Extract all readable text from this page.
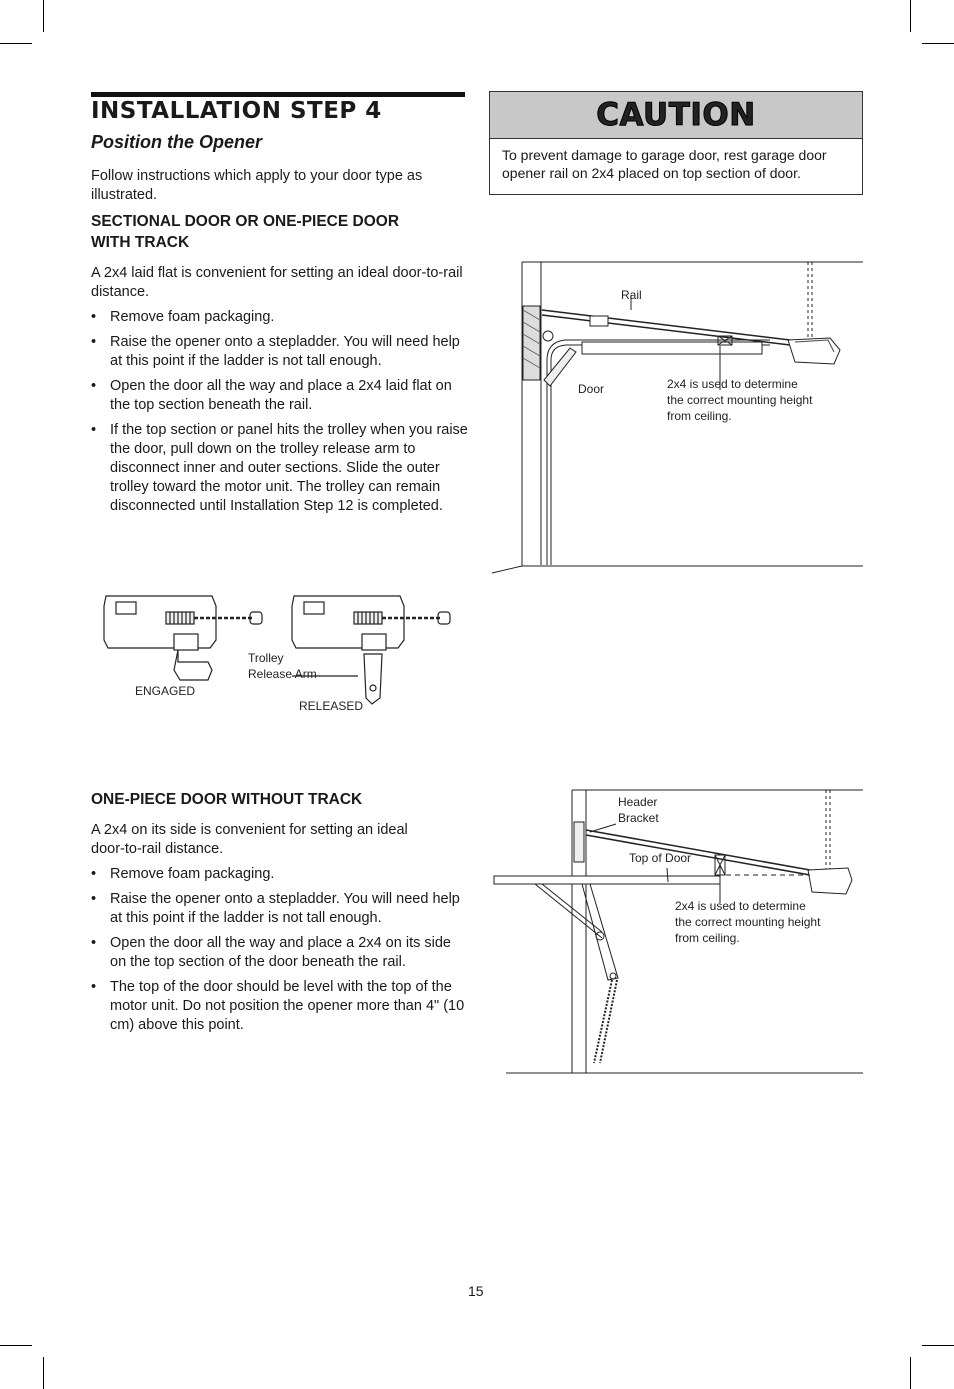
INSTALLATION STEP 4
Position the Opener
Follow instructions which apply to your door type as illustrated.
SECTIONAL DOOR OR ONE-PIECE DOOR
WITH TRACK
A 2x4 laid flat is convenient for setting an ideal door-to-rail distance.
• Remove foam packaging.
• Raise the opener onto a stepladder. You will need help at this point if the ladder is not tall enough.
• Open the door all the way and place a 2x4 laid flat on the top section beneath the rail.
• If the top section or panel hits the trolley when you raise the door, pull down on the trolley release arm to disconnect inner and outer sections. Slide the outer trolley toward the motor unit. The trolley can remain disconnected until Installation Step 12 is completed.
ONE-PIECE DOOR WITHOUT TRACK
A 2x4 on its side is convenient for setting an ideal
door-to-rail distance.
• Remove foam packaging.
• Raise the opener onto a stepladder. You will need help at this point if the ladder is not tall enough.
• Open the door all the way and place a 2x4 on its side on the top section of the door beneath the rail.
• The top of the door should be level with the top of the motor unit. Do not position the opener more than 4" (10 cm) above this point.
CAUTION
To prevent damage to garage door, rest garage door opener rail on 2x4 placed on top section of door.
Rail
Door	2x4 is used to determine
the correct mounting height
from ceiling.
Trolley
Release Arm
ENGAGED
RELEASED
Header
Bracket
Top of Door
2x4 is used to determine
the correct mounting height
from ceiling.
15
